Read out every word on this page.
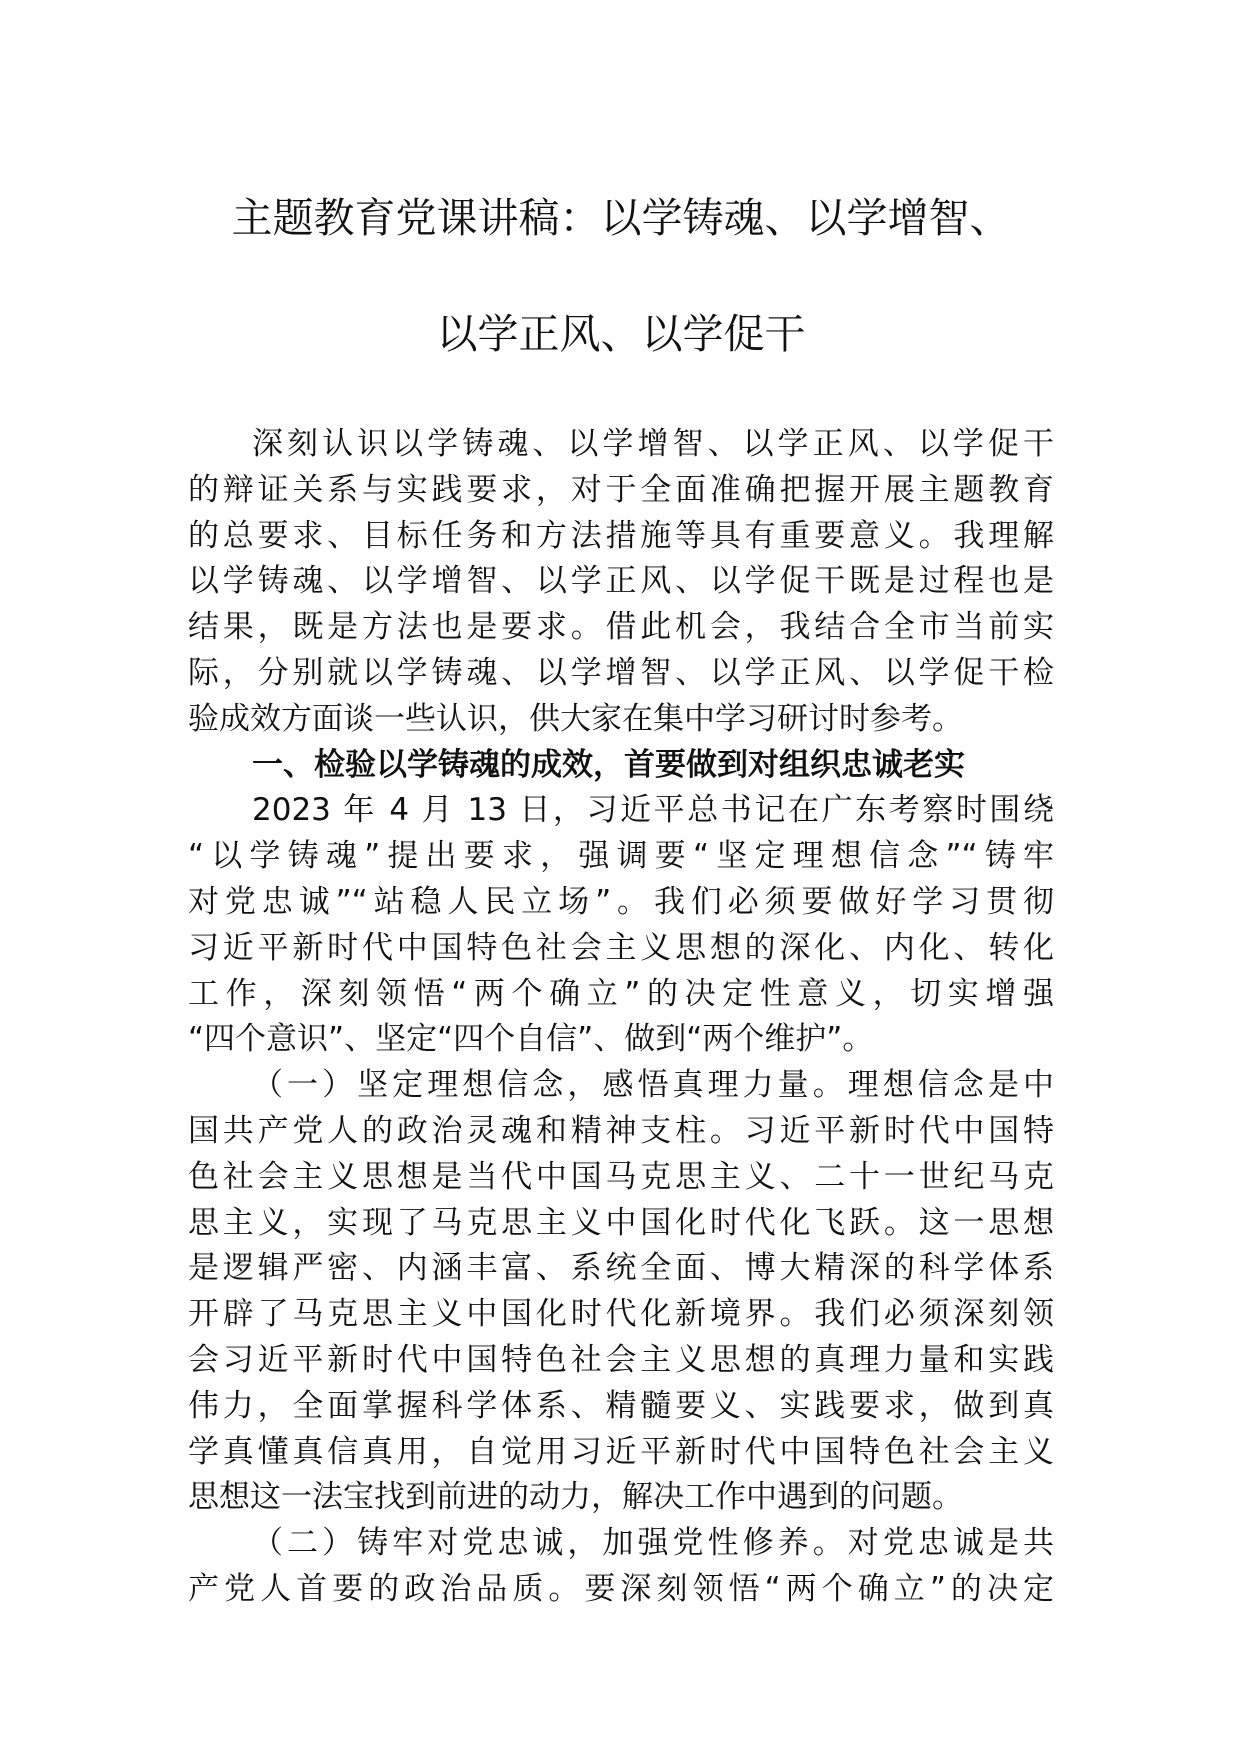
主题教育党课讲稿：以学铸魂、以学增智、
以学正风、以学促干
深刻认识以学铸魂、以学增智、以学正风、以学促干
的辩证关系与实践要求，对于全面准确把握开展主题教育
的总要求、目标任务和方法措施等具有重要意义。我理解
以学铸魂、以学增智、以学正风、以学促干既是过程也是
结果，既是方法也是要求。借此机会，我结合全市当前实
际，分别就以学铸魂、以学增智、以学正风、以学促干检
验成效方面谈一些认识，供大家在集中学习研讨时参考。
一、检验以学铸魂的成效，首要做到对组织忠诚老实
2023 年 4 月 13 日，习近平总书记在广东考察时围绕
“以学铸魂”提出要求，强调要“坚定理想信念”“铸牢
对党忠诚”“站稳人民立场”。我们必须要做好学习贯彻
习近平新时代中国特色社会主义思想的深化、内化、转化
工作，深刻领悟“两个确立”的决定性意义，切实增强
“四个意识”、坚定“四个自信”、做到“两个维护”。
（一）坚定理想信念，感悟真理力量。理想信念是中
国共产党人的政治灵魂和精神支柱。习近平新时代中国特
色社会主义思想是当代中国马克思主义、二十一世纪马克
思主义，实现了马克思主义中国化时代化飞跃。这一思想
是逻辑严密、内涵丰富、系统全面、博大精深的科学体系
开辟了马克思主义中国化时代化新境界。我们必须深刻领
会习近平新时代中国特色社会主义思想的真理力量和实践
伟力，全面掌握科学体系、精髓要义、实践要求，做到真
学真懂真信真用，自觉用习近平新时代中国特色社会主义
思想这一法宝找到前进的动力，解决工作中遇到的问题。
（二）铸牢对党忠诚，加强党性修养。对党忠诚是共
产党人首要的政治品质。要深刻领悟“两个确立”的决定
